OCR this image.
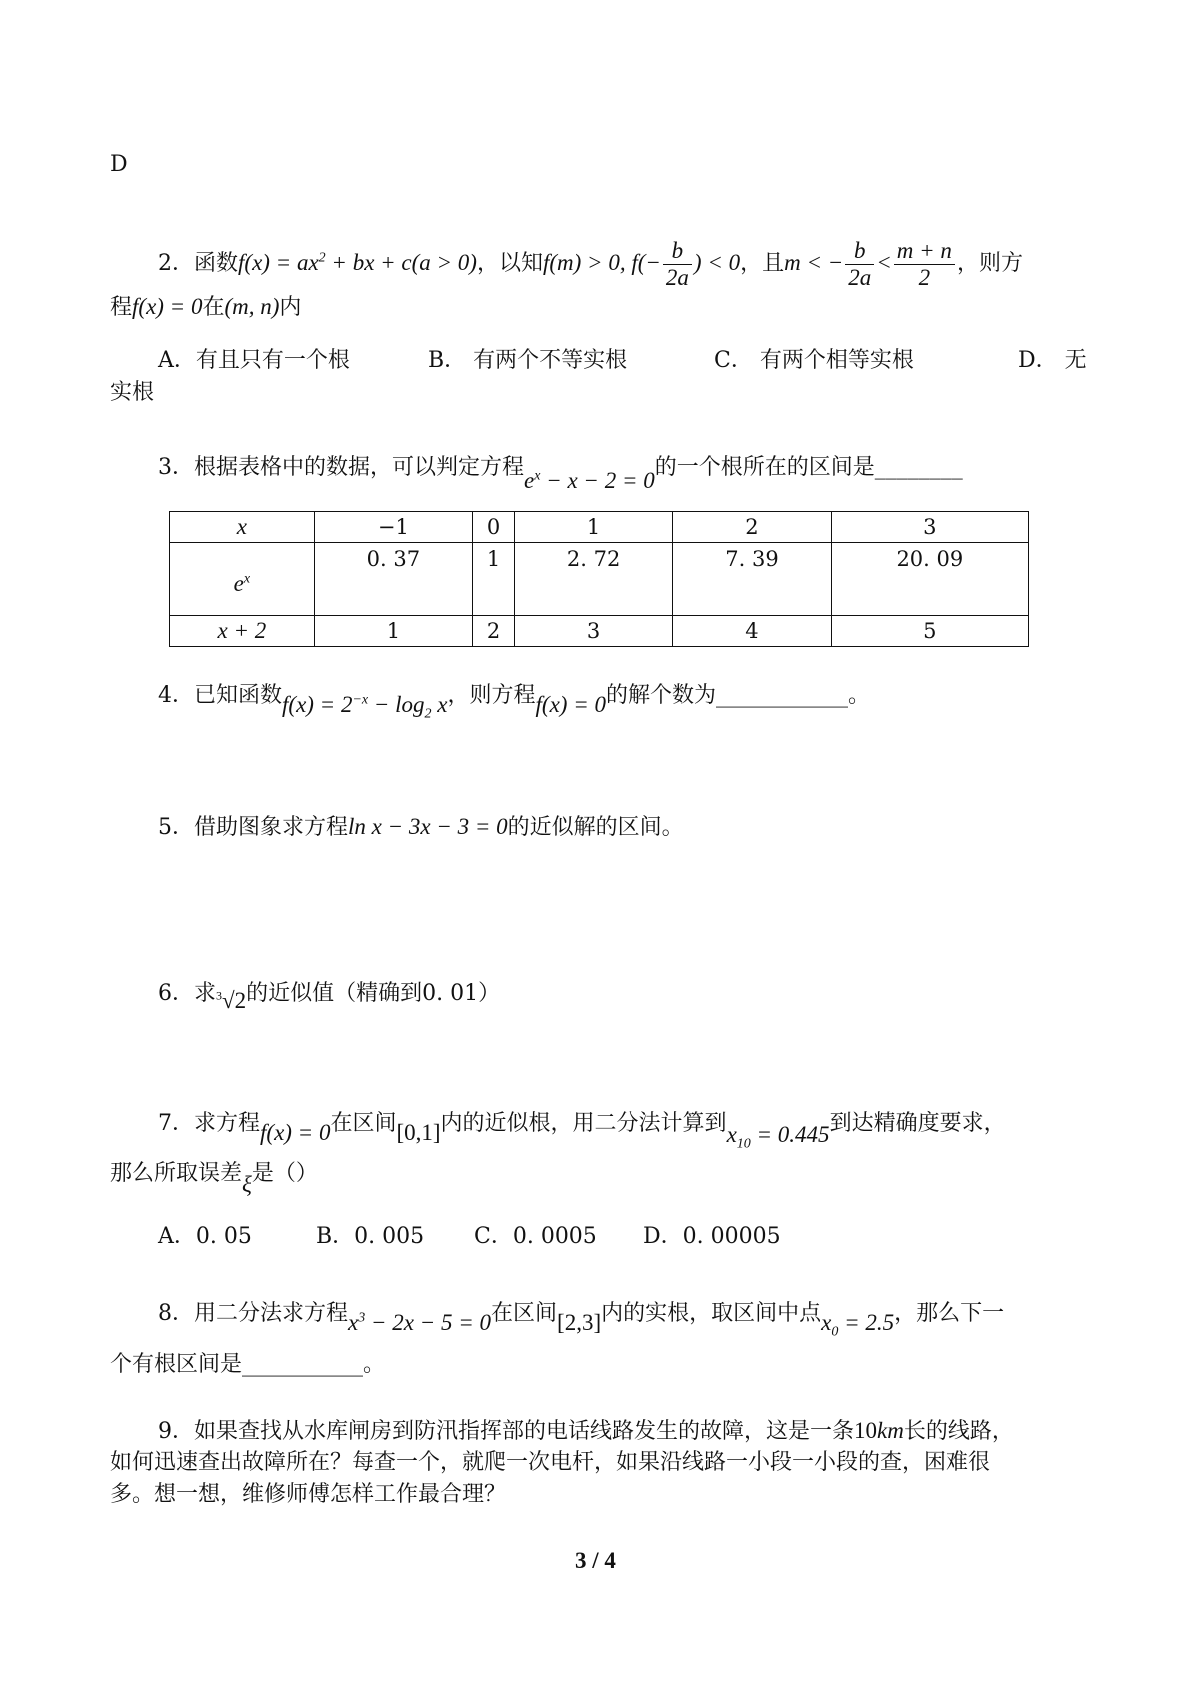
D
2．函数$f(x) = ax^2$ + bx + c(a > 0)，以知f(m) > 0, $f(- \frac{b}{2a}$ ) < 0，且m < − $\frac{b}{2a} < \frac{m + n}{2}$ ，则方
程f(x) = 0在(m, n)内
A．有且只有一个根	B． 有两个不等实根	C． 有两个相等实根	D． 无
实根
3．根据表格中的数据，可以判定方程$e^x - x - 2 = 0$的一个根所在的区间是________
x	−1	0	1	2	3
$e^x$	0. 37	1	2. 72	7. 39	20. 09
x + 2	1	2	3	4	5
4．已知函数$f(x) = 2^{-x} - \log_2 x$，则方程f(x) = 0的解个数为____________。
5．借助图象求方程ln x − 3x − 3 = 0的近似解的区间。
6．求$^3$√2的近似值（精确到0. 01）
7．求方程f(x) = 0在区间[0,1]内的近似根，用二分法计算到$x_{10} = 0.445$到达精确度要求，
那么所取误差ξ是（）
A．0. 05	B．0. 005 C．0. 0005 D．0. 00005
8．用二分法求方程$x^3 - 2x - 5 = 0$在区间[2,3]内的实根，取区间中点$x_0 = 2.5$，那么下一
个有根区间是___________。
9．如果查找从水库闸房到防汛指挥部的电话线路发生的故障，这是一条10km长的线路，
如何迅速查出故障所在？每查一个，就爬一次电杆，如果沿线路一小段一小段的查，困难很
多。想一想，维修师傅怎样工作最合理？
3 / 4
